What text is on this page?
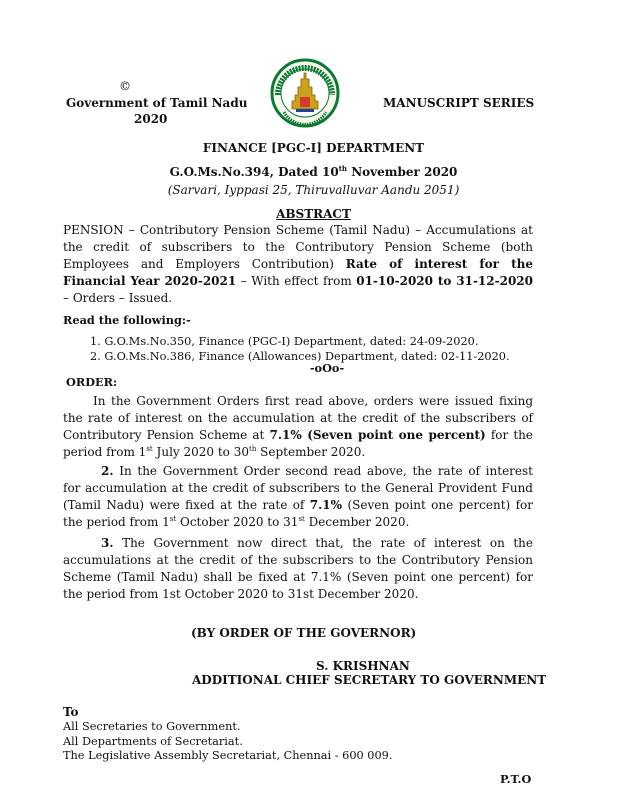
©
Government of Tamil Nadu
2020
MANUSCRIPT SERIES
FINANCE [PGC-I] DEPARTMENT
G.O.Ms.No.394, Dated 10th November 2020
(Sarvari, Iyppasi 25, Thiruvalluvar Aandu 2051)
ABSTRACT
PENSION – Contributory Pension Scheme (Tamil Nadu) – Accumulations at the credit of subscribers to the Contributory Pension Scheme (both Employees and Employers Contribution) Rate of interest for the Financial Year 2020-2021 – With effect from 01-10-2020 to 31-12-2020 – Orders – Issued.
Read the following:-
1. G.O.Ms.No.350, Finance (PGC-I) Department, dated: 24-09-2020.
2. G.O.Ms.No.386, Finance (Allowances) Department, dated: 02-11-2020.
-oOo-
ORDER:
In the Government Orders first read above, orders were issued fixing the rate of interest on the accumulation at the credit of the subscribers of Contributory Pension Scheme at 7.1% (Seven point one percent) for the period from 1st July 2020 to 30th September 2020.
2. In the Government Order second read above, the rate of interest for accumulation at the credit of subscribers to the General Provident Fund (Tamil Nadu) were fixed at the rate of 7.1% (Seven point one percent) for the period from 1st October 2020 to 31st December 2020.
3. The Government now direct that, the rate of interest on the accumulations at the credit of the subscribers to the Contributory Pension Scheme (Tamil Nadu) shall be fixed at 7.1% (Seven point one percent) for the period from 1st October 2020 to 31st December 2020.
(BY ORDER OF THE GOVERNOR)
S. KRISHNAN
ADDITIONAL CHIEF SECRETARY TO GOVERNMENT
To
All Secretaries to Government.
All Departments of Secretariat.
The Legislative Assembly Secretariat, Chennai - 600 009.
P.T.O
